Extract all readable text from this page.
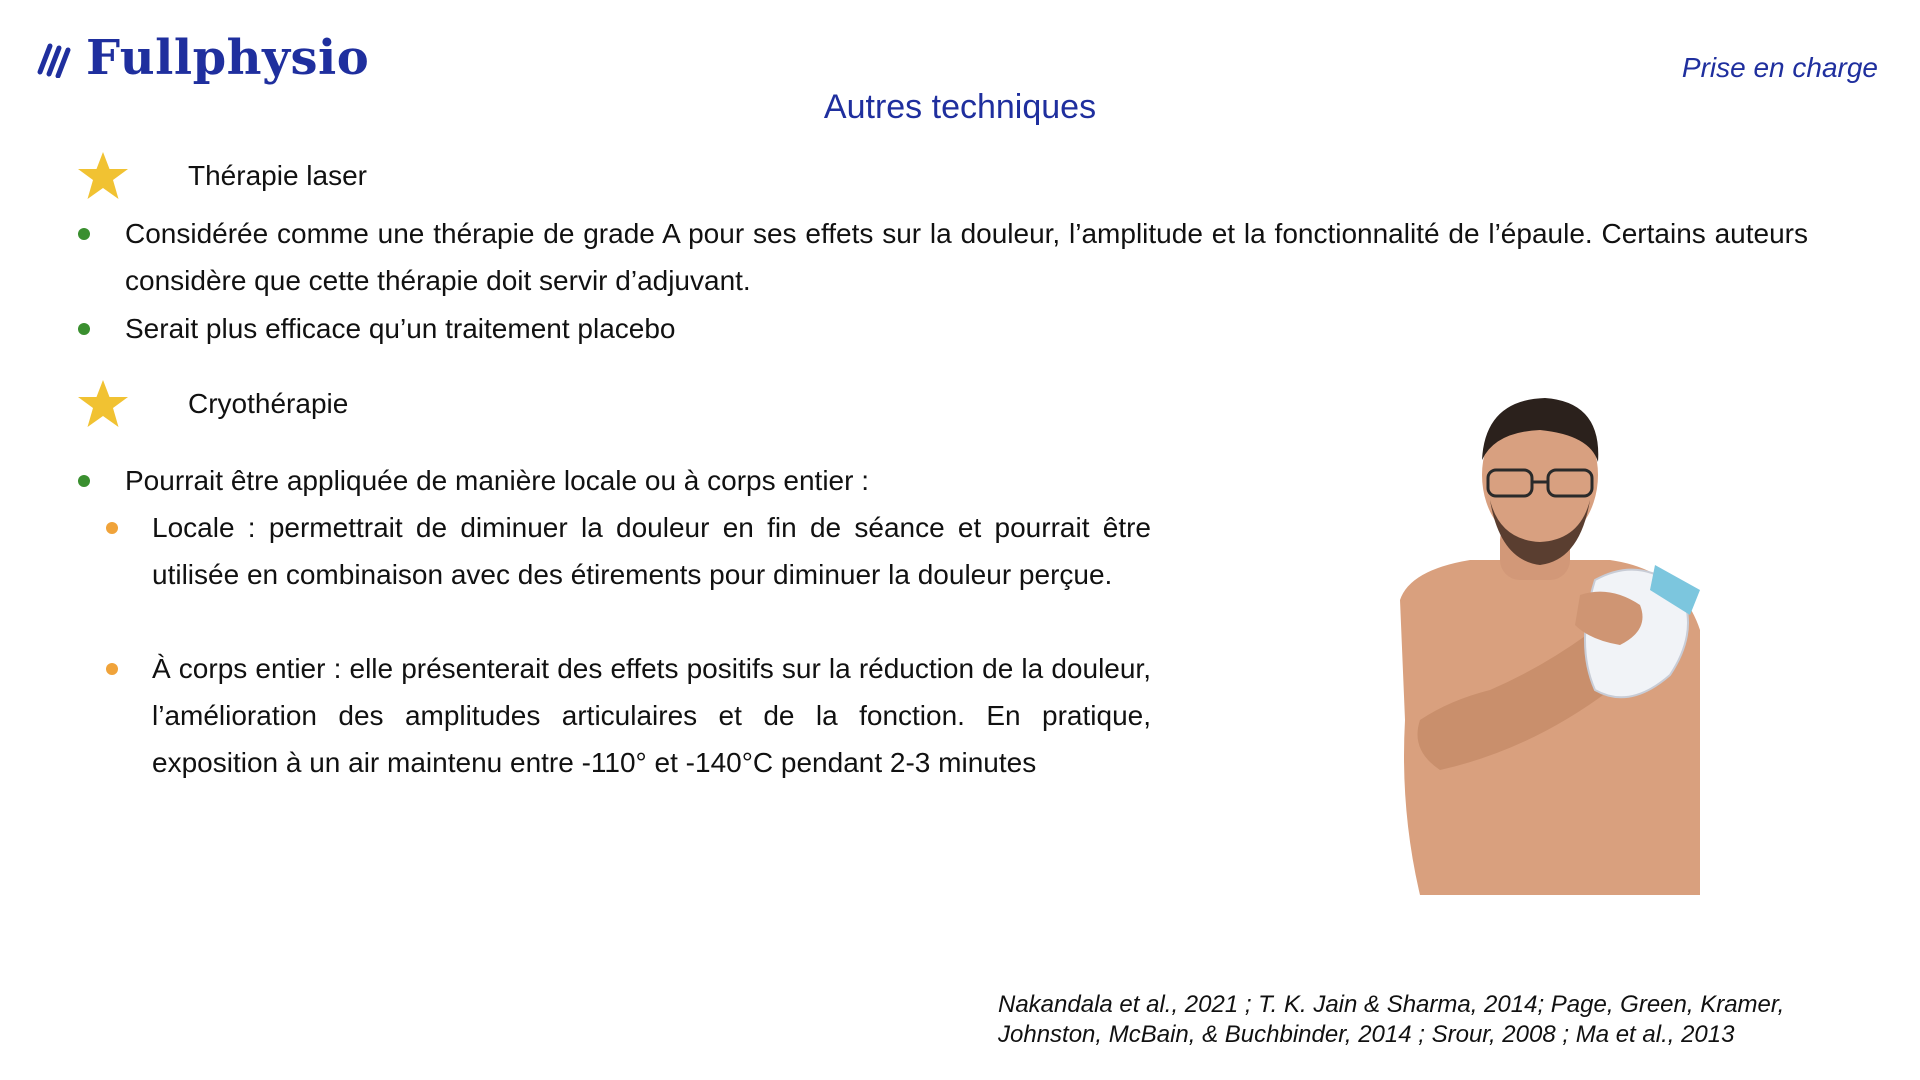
Fullphysio	Prise en charge
Autres techniques
Thérapie laser
Considérée comme une thérapie de grade A pour ses effets sur la douleur, l’amplitude et la fonctionnalité de l’épaule. Certains auteurs considère que cette thérapie doit servir d’adjuvant.
Serait plus efficace qu’un traitement placebo
Cryothérapie
Pourrait être appliquée de manière locale ou à corps entier :
Locale : permettrait de diminuer la douleur en fin de séance et pourrait être utilisée en combinaison avec des étirements pour diminuer la douleur perçue.
À corps entier : elle présenterait des effets positifs sur la réduction de la douleur, l’amélioration des amplitudes articulaires et de la fonction. En pratique, exposition à un air maintenu entre -110° et -140°C pendant 2-3 minutes
Nakandala et al., 2021 ; T. K. Jain & Sharma, 2014; Page, Green, Kramer,
Johnston, McBain, & Buchbinder, 2014 ; Srour, 2008 ; Ma et al., 2013
